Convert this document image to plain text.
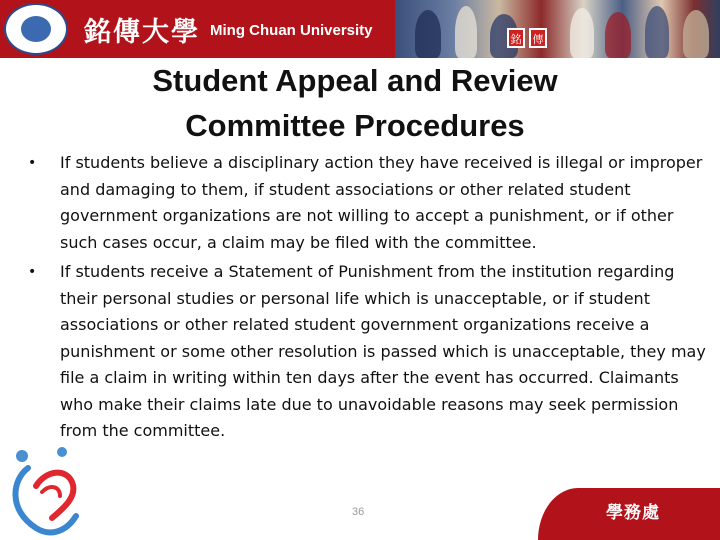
銘傳大學 Ming Chuan University
銘	傳
Student Appeal and Review
Committee Procedures
• If students believe a disciplinary action they have received is illegal or improper and damaging to them, if student associations or other related student government organizations are not willing to accept a punishment, or if other such cases occur, a claim may be filed with the committee.
• If students receive a Statement of Punishment from the institution regarding their personal studies or personal life which is unacceptable, or if student associations or other related student government organizations receive a punishment or some other resolution is passed which is unacceptable, they may file a claim in writing within ten days after the event has occurred. Claimants who make their claims late due to unavoidable reasons may seek permission from the committee.
36	學務處
